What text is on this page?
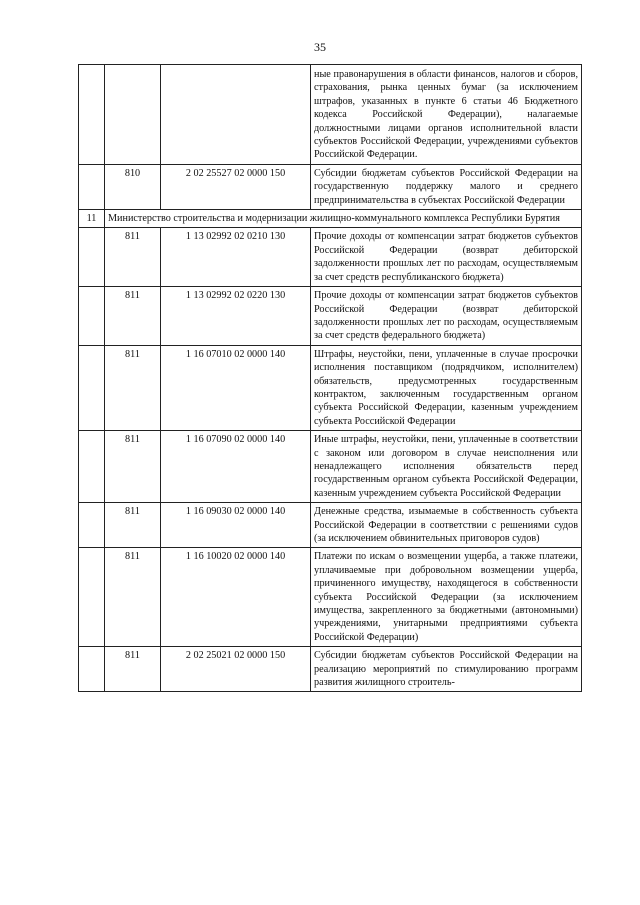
35
			ные правонарушения в области финансов, налогов и сборов, страхования, рынка ценных бумаг (за исключением штрафов, указанных в пункте 6 статьи 46 Бюджетного кодекса Российской Федерации), налагаемые должностными лицами органов исполнительной власти субъектов Российской Федерации, учреждениями субъектов Российской Федерации.
	810	2 02 25527 02 0000 150	Субсидии бюджетам субъектов Российской Федерации на государственную поддержку малого и среднего предпринимательства в субъектах Российской Федерации
11	Министерство строительства и модернизации жилищно-коммунального комплекса Республики Бурятия		
	811	1 13 02992 02 0210 130	Прочие доходы от компенсации затрат бюджетов субъектов Российской Федерации (возврат дебиторской задолженности прошлых лет по расходам, осуществляемым за счет средств республиканского бюджета)
	811	1 13 02992 02 0220 130	Прочие доходы от компенсации затрат бюджетов субъектов Российской Федерации (возврат дебиторской задолженности прошлых лет по расходам, осуществляемым за счет средств федерального бюджета)
	811	1 16 07010 02 0000 140	Штрафы, неустойки, пени, уплаченные в случае просрочки исполнения поставщиком (подрядчиком, исполнителем) обязательств, предусмотренных государственным контрактом, заключенным государственным органом субъекта Российской Федерации, казенным учреждением субъекта Российской Федерации
	811	1 16 07090 02 0000 140	Иные штрафы, неустойки, пени, уплаченные в соответствии с законом или договором в случае неисполнения или ненадлежащего исполнения обязательств перед государственным органом субъекта Российской Федерации, казенным учреждением субъекта Российской Федерации
	811	1 16 09030 02 0000 140	Денежные средства, изымаемые в собственность субъекта Российской Федерации в соответствии с решениями судов (за исключением обвинительных приговоров судов)
	811	1 16 10020 02 0000 140	Платежи по искам о возмещении ущерба, а также платежи, уплачиваемые при добровольном возмещении ущерба, причиненного имуществу, находящегося в собственности субъекта Российской Федерации (за исключением имущества, закрепленного за бюджетными (автономными) учреждениями, унитарными предприятиями субъекта Российской Федерации)
	811	2 02 25021 02 0000 150	Субсидии бюджетам субъектов Российской Федерации на реализацию мероприятий по стимулированию программ развития жилищного строитель-
